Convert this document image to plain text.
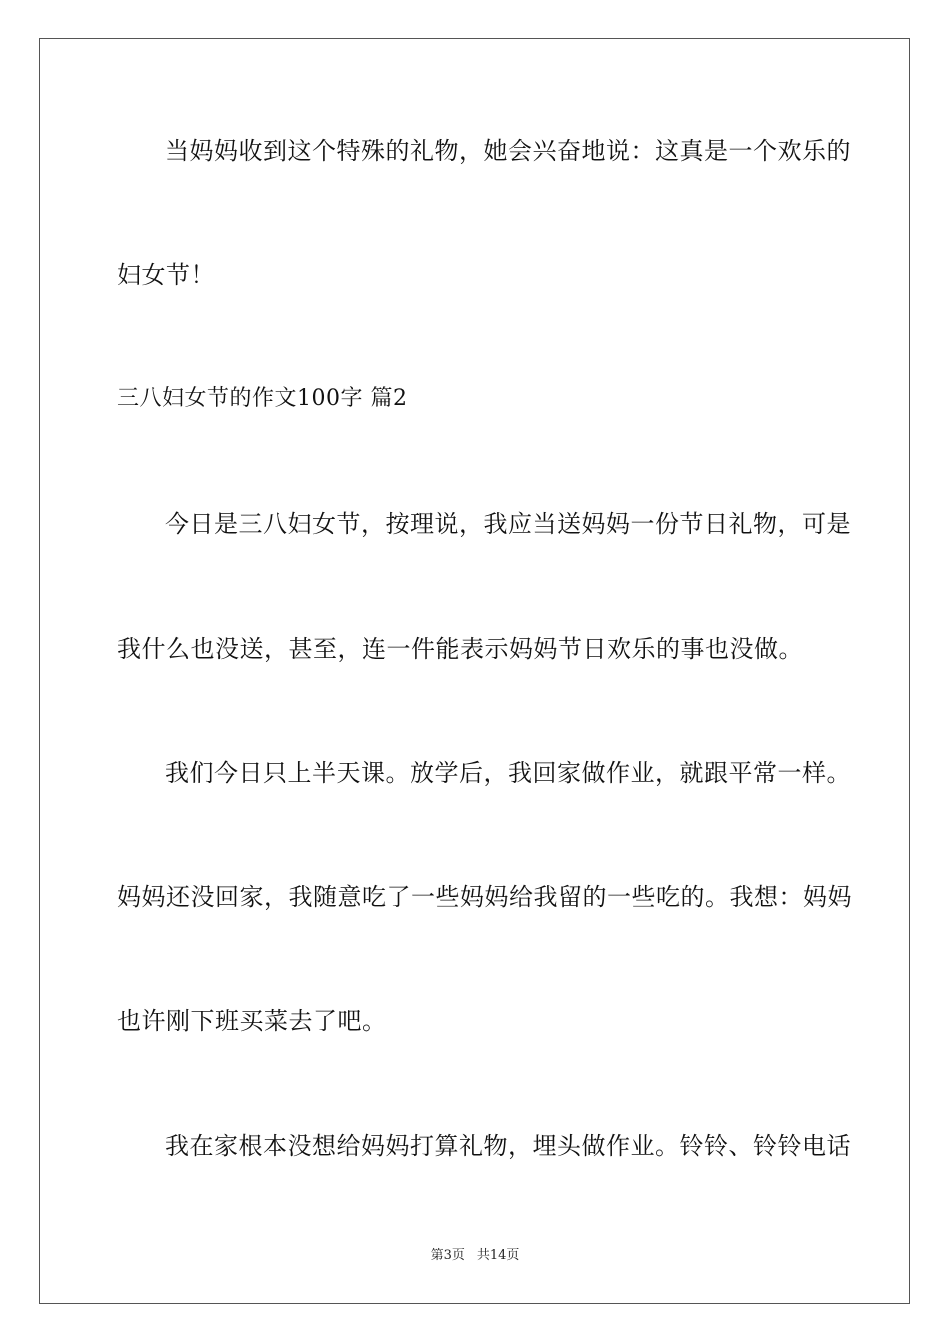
当妈妈收到这个特殊的礼物，她会兴奋地说：这真是一个欢乐的
妇女节！
三八妇女节的作文100字 篇2
今日是三八妇女节，按理说，我应当送妈妈一份节日礼物，可是
我什么也没送，甚至，连一件能表示妈妈节日欢乐的事也没做。
我们今日只上半天课。放学后，我回家做作业，就跟平常一样。
妈妈还没回家，我随意吃了一些妈妈给我留的一些吃的。我想：妈妈
也许刚下班买菜去了吧。
我在家根本没想给妈妈打算礼物，埋头做作业。铃铃、铃铃电话
第3页 共14页
